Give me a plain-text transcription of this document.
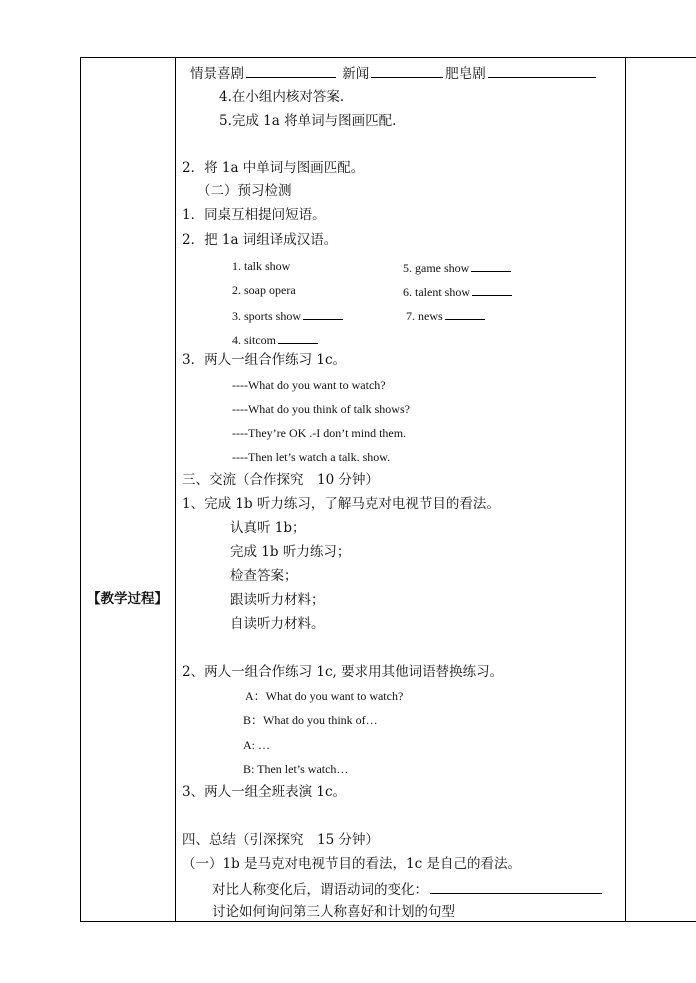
【教学过程】
情景喜剧	新闻	肥皂剧
4.在小组内核对答案.
5.完成 1a 将单词与图画匹配.
2．将 1a 中单词与图画匹配。
（二）预习检测
1．同桌互相提问短语。
2．把 1a 词组译成汉语。
1. talk show	5. game show
2. soap opera	6. talent show
3. sports show	7. news
4. sitcom
3．两人一组合作练习 1c。
----What do you want to watch?
----What do you think of talk shows?
----They’re OK .-I don’t mind them.
----Then let’s watch a talk. show.
三、交流（合作探究　10 分钟）
1、完成 1b 听力练习，了解马克对电视节目的看法。
认真听 1b；
完成 1b 听力练习；
检查答案；
跟读听力材料；
自读听力材料。
2、两人一组合作练习 1c, 要求用其他词语替换练习。
A：What do you want to watch?
B：What do you think of…
A: …
B: Then let’s watch…
3、两人一组全班表演 1c。
四、总结（引深探究　15 分钟）
（一）1b 是马克对电视节目的看法，1c 是自己的看法。
对比人称变化后，谓语动词的变化：
讨论如何询问第三人称喜好和计划的句型
